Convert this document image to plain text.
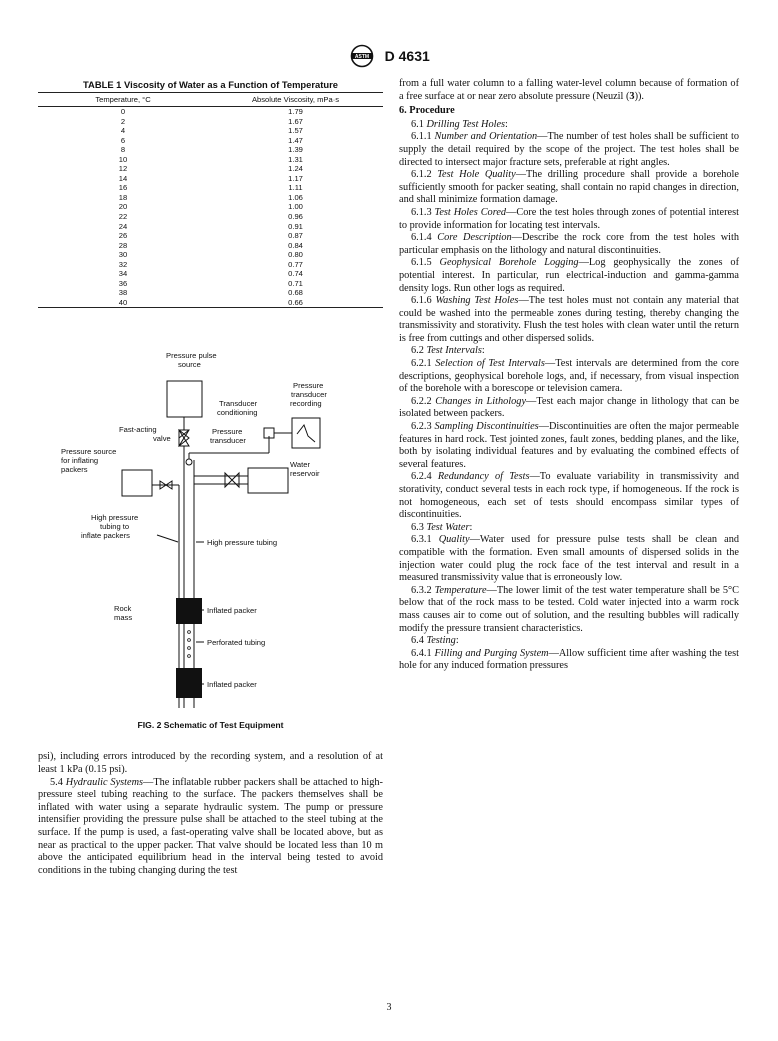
ASTM D 4631
TABLE 1 Viscosity of Water as a Function of Temperature
Temperature, °C	Absolute Viscosity, mPa·s
0	1.79
2	1.67
4	1.57
6	1.47
8	1.39
10	1.31
12	1.24
14	1.17
16	1.11
18	1.06
20	1.00
22	0.96
24	0.91
26	0.87
28	0.84
30	0.80
32	0.77
34	0.74
36	0.71
38	0.68
40	0.66
Pressure pulse source
Pressure transducer recording
Transducer conditioning
Fast-acting valve
Pressure transducer
Pressure source for inflating packers
Water reservoir
High pressure tubing to inflate packers
High pressure tubing
Rock mass
Inflated packer
Perforated tubing
Inflated packer
FIG. 2 Schematic of Test Equipment

psi), including errors introduced by the recording system, and a resolution of at least 1 kPa (0.15 psi).

5.4 Hydraulic Systems—The inflatable rubber packers shall be attached to high-pressure steel tubing reaching to the surface. The packers themselves shall be inflated with water using a separate hydraulic system. The pump or pressure intensifier providing the pressure pulse shall be attached to the steel tubing at the surface. If the pump is used, a fast-operating valve shall be located above, but as near as practical to the upper packer. That valve should be located less than 10 m above the anticipated equilibrium head in the interval being tested to avoid conditions in the tubing changing during the test

from a full water column to a falling water-level column because of formation of a free surface at or near zero absolute pressure (Neuzil (3)).

6. Procedure

6.1 Drilling Test Holes:

6.1.1 Number and Orientation—The number of test holes shall be sufficient to supply the detail required by the scope of the project. The test holes shall be directed to intersect major fracture sets, preferable at right angles.

6.1.2 Test Hole Quality—The drilling procedure shall provide a borehole sufficiently smooth for packer seating, shall contain no rapid changes in direction, and shall minimize formation damage.

6.1.3 Test Holes Cored—Core the test holes through zones of potential interest to provide information for locating test intervals.

6.1.4 Core Description—Describe the rock core from the test holes with particular emphasis on the lithology and natural discontinuities.

6.1.5 Geophysical Borehole Logging—Log geophysically the zones of potential interest. In particular, run electrical-induction and gamma-gamma density logs. Run other logs as required.

6.1.6 Washing Test Holes—The test holes must not contain any material that could be washed into the permeable zones during testing, thereby changing the transmissivity and storativity. Flush the test holes with clean water until the return is free from cuttings and other dispersed solids.

6.2 Test Intervals:

6.2.1 Selection of Test Intervals—Test intervals are determined from the core descriptions, geophysical borehole logs, and, if necessary, from visual inspection of the borehole with a borescope or television camera.

6.2.2 Changes in Lithology—Test each major change in lithology that can be isolated between packers.

6.2.3 Sampling Discontinuities—Discontinuities are often the major permeable features in hard rock. Test jointed zones, fault zones, bedding planes, and the like, both by isolating individual features and by evaluating the combined effects of several features.

6.2.4 Redundancy of Tests—To evaluate variability in transmissivity and storativity, conduct several tests in each rock type, if homogeneous. If the rock is not homogeneous, each set of tests should encompass similar types of discontinuities.

6.3 Test Water:

6.3.1 Quality—Water used for pressure pulse tests shall be clean and compatible with the formation. Even small amounts of dispersed solids in the injection water could plug the rock face of the test interval and result in a measured transmissivity value that is erroneously low.

6.3.2 Temperature—The lower limit of the test water temperature shall be 5°C below that of the rock mass to be tested. Cold water injected into a warm rock mass causes air to come out of solution, and the resulting bubbles will radically modify the pressure transient characteristics.

6.4 Testing:

6.4.1 Filling and Purging System—Allow sufficient time after washing the test hole for any induced formation pressures

3
